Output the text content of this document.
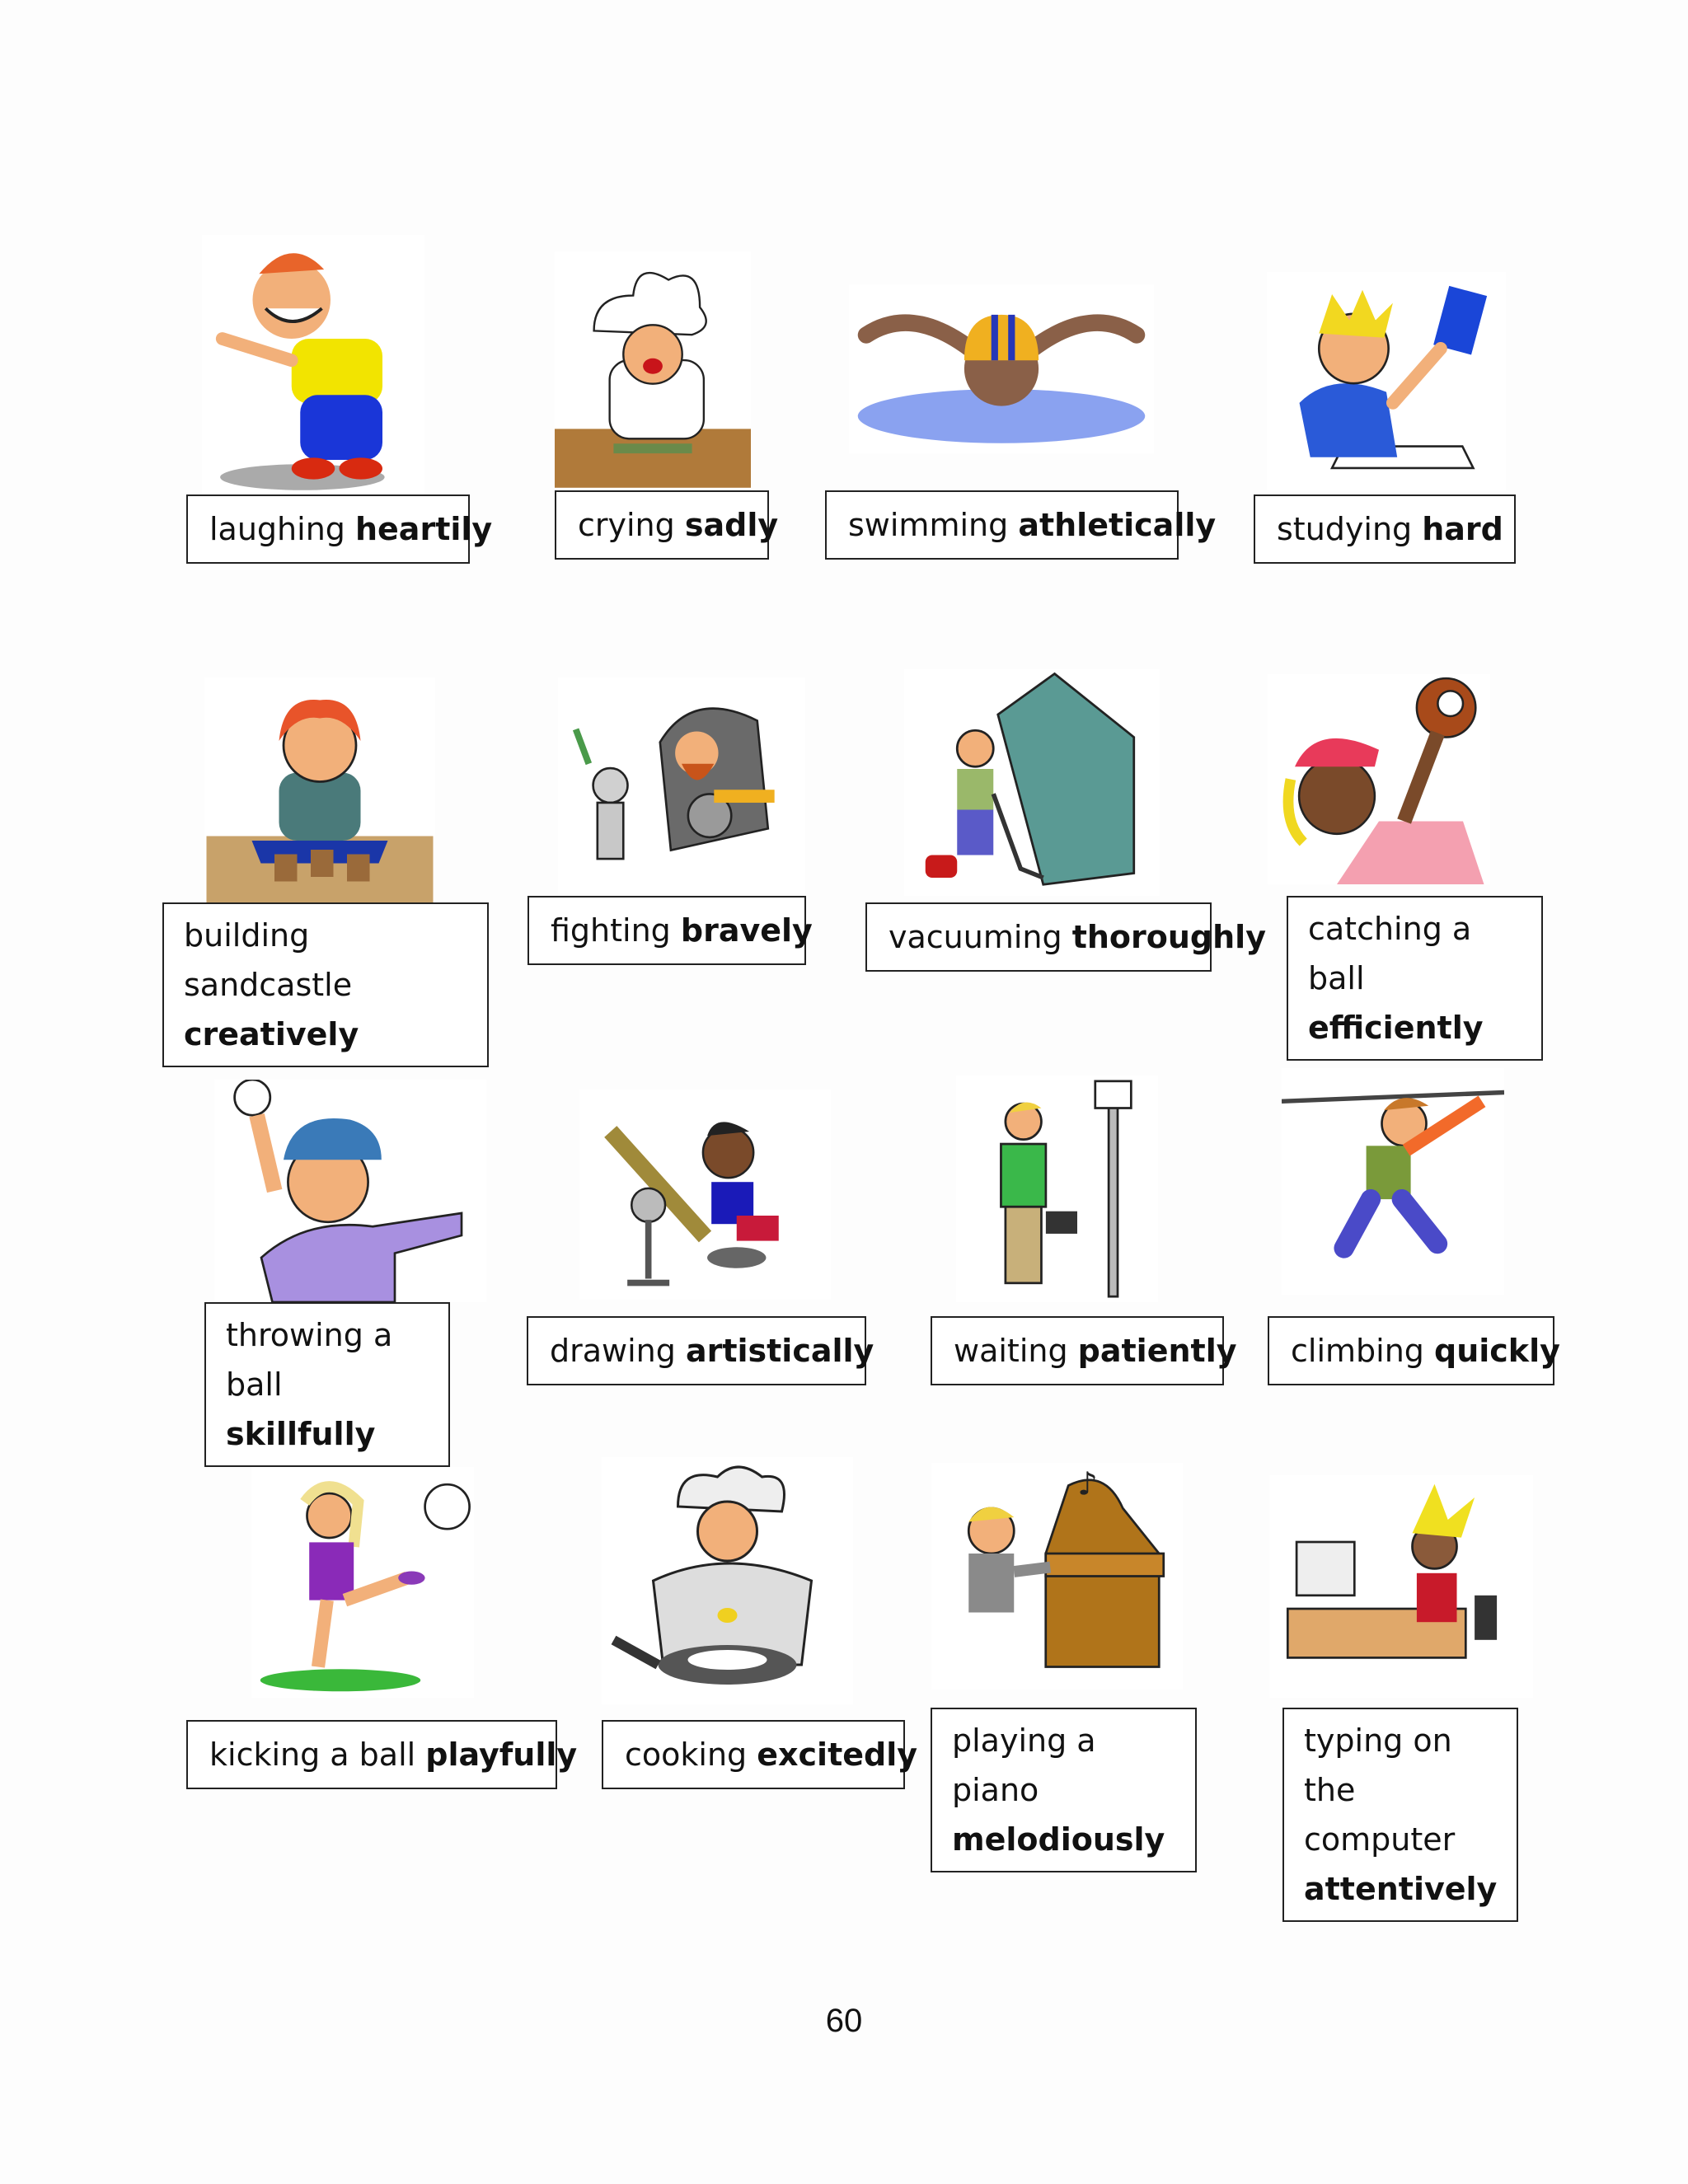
laughing heartily	crying sadly	swimming athletically	studying hard
building sandcastle creatively
fighting bravely	vacuuming thoroughly	catching a ball efficiently
throwing a ball skillfully
drawing artistically	waiting patiently	climbing quickly
kicking a ball playfully	cooking excitedly
♪
playing a piano melodiously
typing on the computer attentively
60
